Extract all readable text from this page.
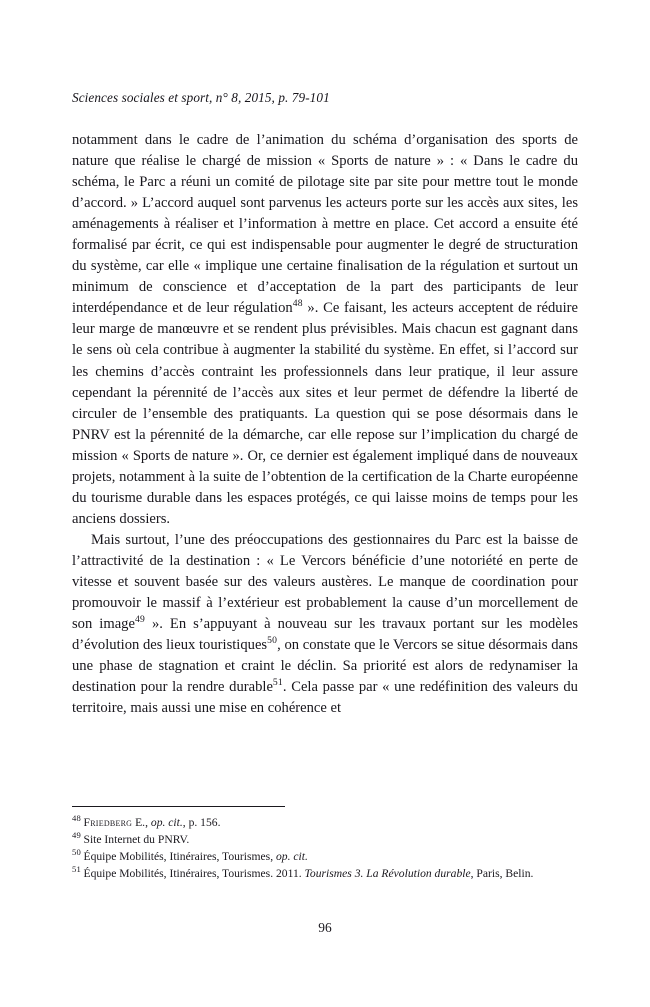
Sciences sociales et sport, n° 8, 2015, p. 79-101

notamment dans le cadre de l’animation du schéma d’organisation des sports de nature que réalise le chargé de mission « Sports de nature » : « Dans le cadre du schéma, le Parc a réuni un comité de pilotage site par site pour mettre tout le monde d’accord. » L’accord auquel sont parvenus les acteurs porte sur les accès aux sites, les aménagements à réaliser et l’information à mettre en place. Cet accord a ensuite été formalisé par écrit, ce qui est indispensable pour augmenter le degré de structuration du système, car elle « implique une certaine finalisation de la régulation et surtout un minimum de conscience et d’acceptation de la part des participants de leur interdépendance et de leur régulation$^{48}$ ». Ce faisant, les acteurs acceptent de réduire leur marge de manœuvre et se rendent plus prévisibles. Mais chacun est gagnant dans le sens où cela contribue à augmenter la stabilité du système. En effet, si l’accord sur les chemins d’accès contraint les professionnels dans leur pratique, il leur assure cependant la pérennité de l’accès aux sites et leur permet de défendre la liberté de circuler de l’ensemble des pratiquants. La question qui se pose désormais dans le PNRV est la pérennité de la démarche, car elle repose sur l’implication du chargé de mission « Sports de nature ». Or, ce dernier est également impliqué dans de nouveaux projets, notamment à la suite de l’obtention de la certification de la Charte européenne du tourisme durable dans les espaces protégés, ce qui laisse moins de temps pour les anciens dossiers.

Mais surtout, l’une des préoccupations des gestionnaires du Parc est la baisse de l’attractivité de la destination : « Le Vercors bénéficie d’une notoriété en perte de vitesse et souvent basée sur des valeurs austères. Le manque de coordination pour promouvoir le massif à l’extérieur est probablement la cause d’un morcellement de son image$^{49}$ ». En s’appuyant à nouveau sur les travaux portant sur les modèles d’évolution des lieux touristiques$^{50}$, on constate que le Vercors se situe désormais dans une phase de stagnation et craint le déclin. Sa priorité est alors de redynamiser la destination pour la rendre durable$^{51}$. Cela passe par « une redéfinition des valeurs du territoire, mais aussi une mise en cohérence et

$^{48}$ Friedberg E., op. cit., p. 156.

$^{49}$ Site Internet du PNRV.

$^{50}$ Équipe Mobilités, Itinéraires, Tourismes, op. cit.

$^{51}$ Équipe Mobilités, Itinéraires, Tourismes. 2011. Tourismes 3. La Révolution durable, Paris, Belin.

96
